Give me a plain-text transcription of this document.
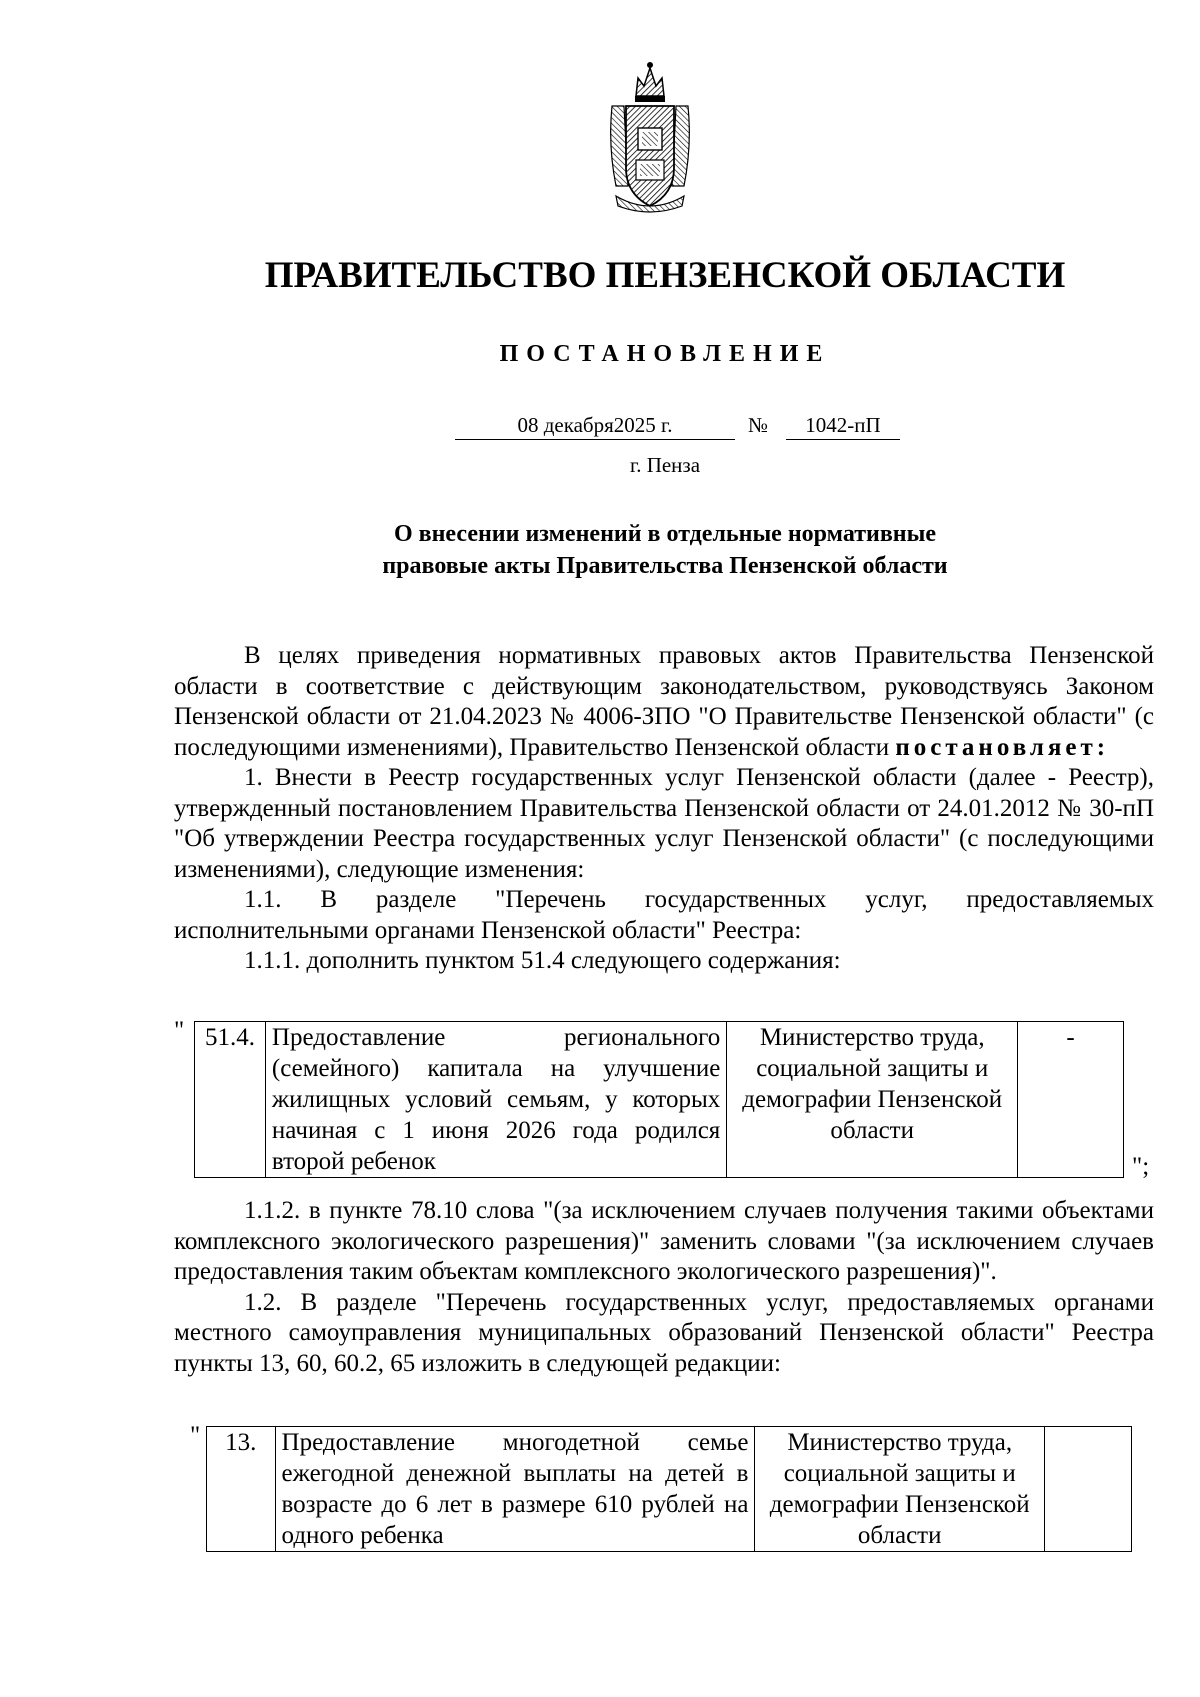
ПРАВИТЕЛЬСТВО ПЕНЗЕНСКОЙ ОБЛАСТИ
ПОСТАНОВЛЕНИЕ
08 декабря2025 г.	№	1042-пП
г. Пенза
О внесении изменений в отдельные нормативные
правовые акты Правительства Пензенской области

В целях приведения нормативных правовых актов Правительства Пензенской области в соответствие с действующим законодательством, руководствуясь Законом Пензенской области от 21.04.2023 № 4006-ЗПО "О Правительстве Пензенской области" (с последующими изменениями), Правительство Пензенской области постановляет:

1. Внести в Реестр государственных услуг Пензенской области (далее - Реестр), утвержденный постановлением Правительства Пензенской области от 24.01.2012 № 30-пП "Об утверждении Реестра государственных услуг Пензенской области" (с последующими изменениями), следующие изменения:

1.1. В разделе "Перечень государственных услуг, предоставляемых исполнительными органами Пензенской области" Реестра:

1.1.1. дополнить пунктом 51.4 следующего содержания:

" 51.4.	Предоставление регионального (семейного) капитала на улучшение жилищных условий семьям, у которых начиная с 1 июня 2026 года родился второй ребенок	Министерство труда, социальной защиты и демографии Пензенской области	-
";

1.1.2. в пункте 78.10 слова "(за исключением случаев получения такими объектами комплексного экологического разрешения)" заменить словами "(за исключением случаев предоставления таким объектам комплексного экологического разрешения)".

1.2. В разделе "Перечень государственных услуг, предоставляемых органами местного самоуправления муниципальных образований Пензенской области" Реестра пункты 13, 60, 60.2, 65 изложить в следующей редакции:

" 13.	Предоставление многодетной семье ежегодной денежной выплаты на детей в возрасте до 6 лет в размере 610 рублей на одного ребенка	Министерство труда, социальной защиты и демографии Пензенской области	
